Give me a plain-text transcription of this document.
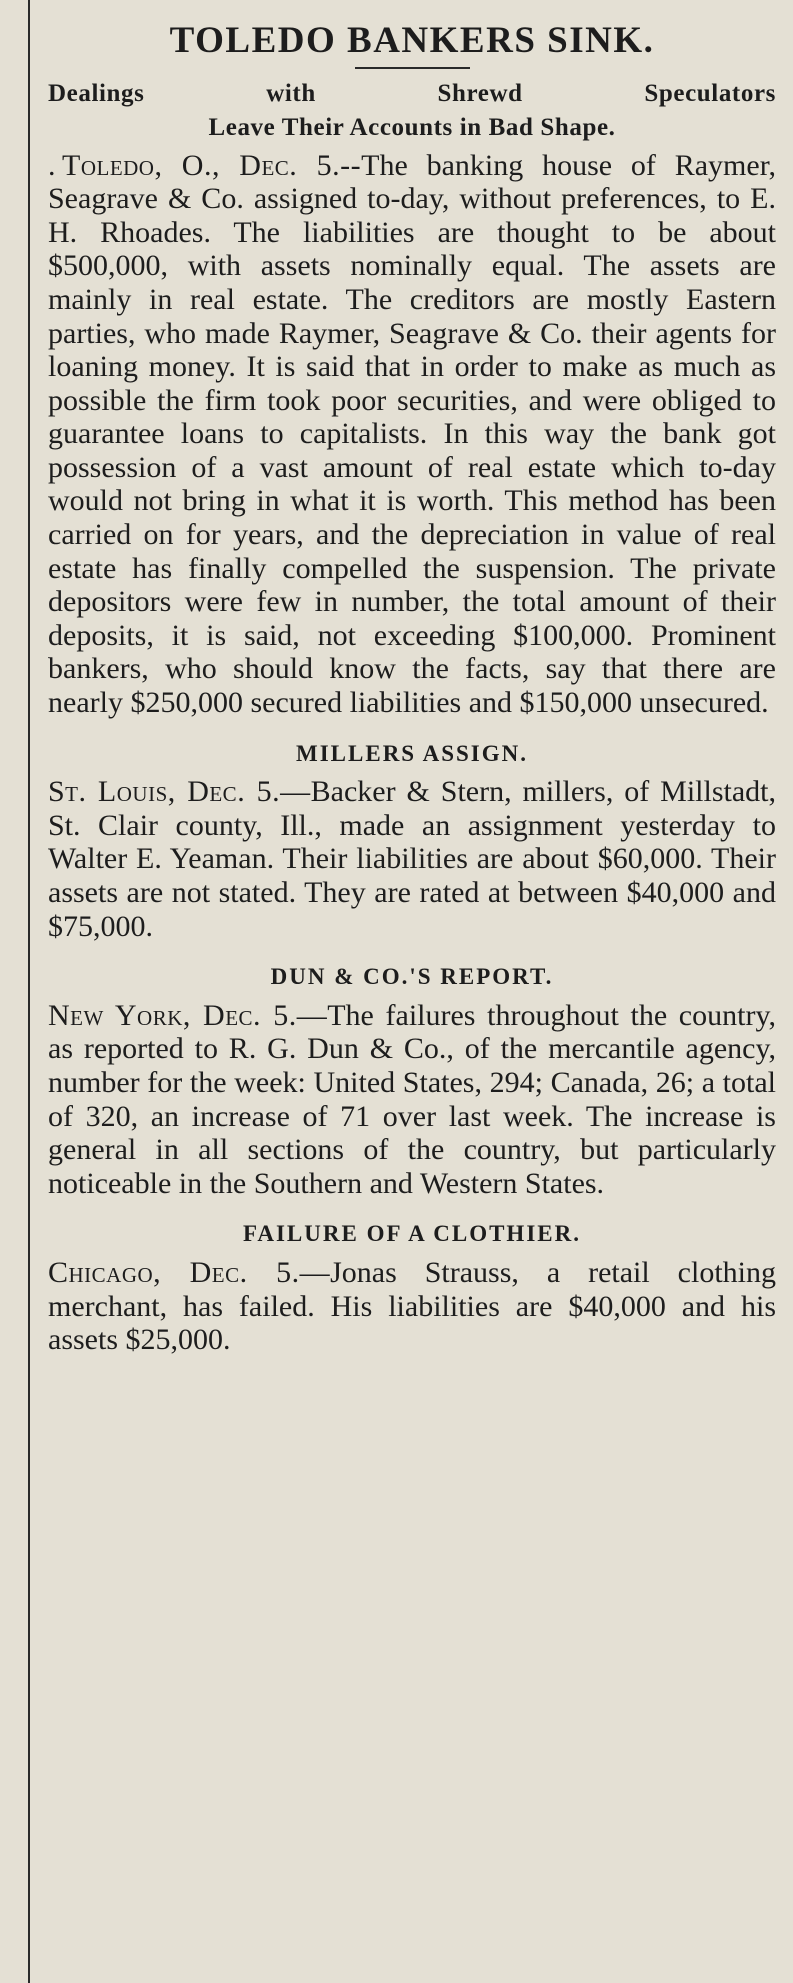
TOLEDO BANKERS SINK.
Dealings with Shrewd Speculators
Leave Their Accounts in Bad Shape.

. Toledo, O., Dec. 5.--The banking house of Raymer, Seagrave & Co. assigned to-day, without preferences, to E. H. Rhoades. The liabilities are thought to be about $500,000, with assets nominally equal. The assets are mainly in real estate. The creditors are mostly Eastern parties, who made Raymer, Seagrave & Co. their agents for loaning money. It is said that in order to make as much as possible the firm took poor securities, and were obliged to guarantee loans to capitalists. In this way the bank got possession of a vast amount of real estate which to-day would not bring in what it is worth. This method has been carried on for years, and the depreciation in value of real estate has finally compelled the suspension. The private depositors were few in number, the total amount of their deposits, it is said, not exceeding $100,000. Prominent bankers, who should know the facts, say that there are nearly $250,000 secured liabilities and $150,000 unsecured.

MILLERS ASSIGN.

St. Louis, Dec. 5.—Backer & Stern, millers, of Millstadt, St. Clair county, Ill., made an assignment yesterday to Walter E. Yeaman. Their liabilities are about $60,000. Their assets are not stated. They are rated at between $40,000 and $75,000.

DUN & CO.'S REPORT.

New York, Dec. 5.—The failures throughout the country, as reported to R. G. Dun & Co., of the mercantile agency, number for the week: United States, 294; Canada, 26; a total of 320, an increase of 71 over last week. The increase is general in all sections of the country, but particularly noticeable in the Southern and Western States.

FAILURE OF A CLOTHIER.

Chicago, Dec. 5.—Jonas Strauss, a retail clothing merchant, has failed. His liabilities are $40,000 and his assets $25,000.
